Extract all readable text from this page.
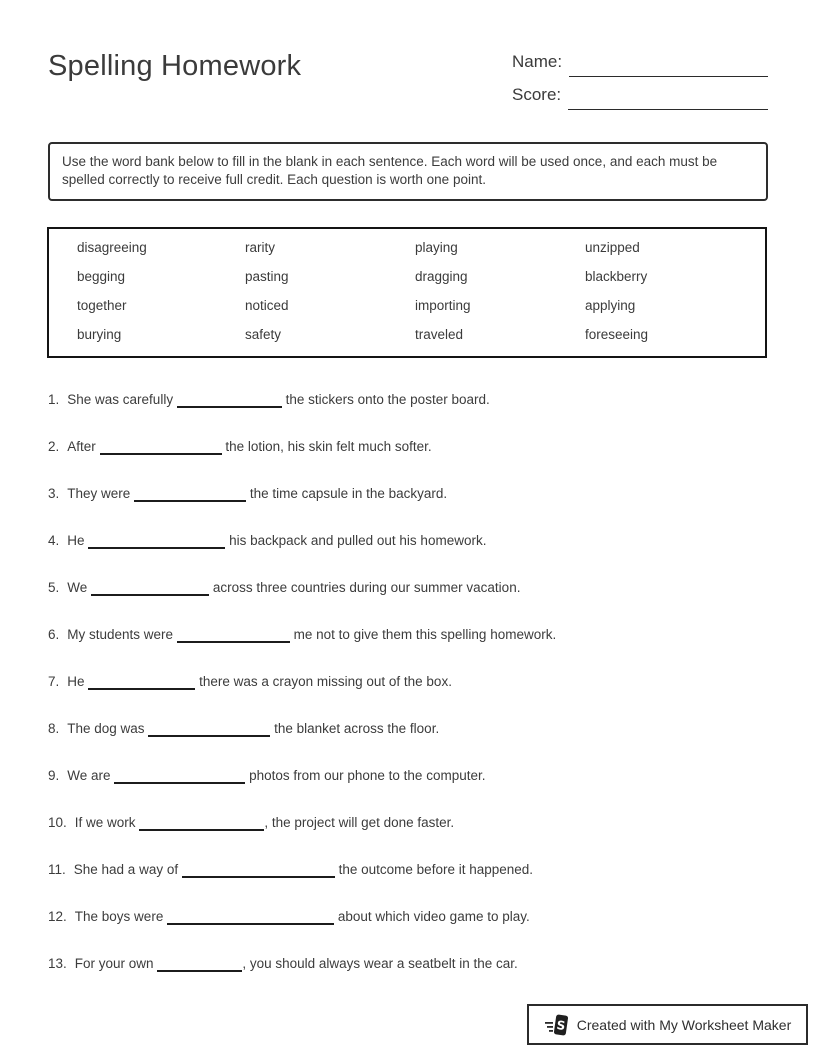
Spelling Homework	Name:
Score:
Use the word bank below to fill in the blank in each sentence. Each word will be used once, and each must be spelled correctly to receive full credit. Each question is worth one point.
disagreeing	rarity	playing	unzipped
begging	pasting	dragging	blackberry
together	noticed	importing	applying
burying	safety	traveled	foreseeing
1. She was carefully	the stickers onto the poster board.
2. After	the lotion, his skin felt much softer.
3. They were	the time capsule in the backyard.
4. He	his backpack and pulled out his homework.
5. We	across three countries during our summer vacation.
6. My students were	me not to give them this spelling homework.
7. He	there was a crayon missing out of the box.
8. The dog was	the blanket across the floor.
9. We are	photos from our phone to the computer.
10. If we work	, the project will get done faster.
11. She had a way of	the outcome before it happened.
12. The boys were	about which video game to play.
13. For your own	, you should always wear a seatbelt in the car.
S Created with My Worksheet Maker
